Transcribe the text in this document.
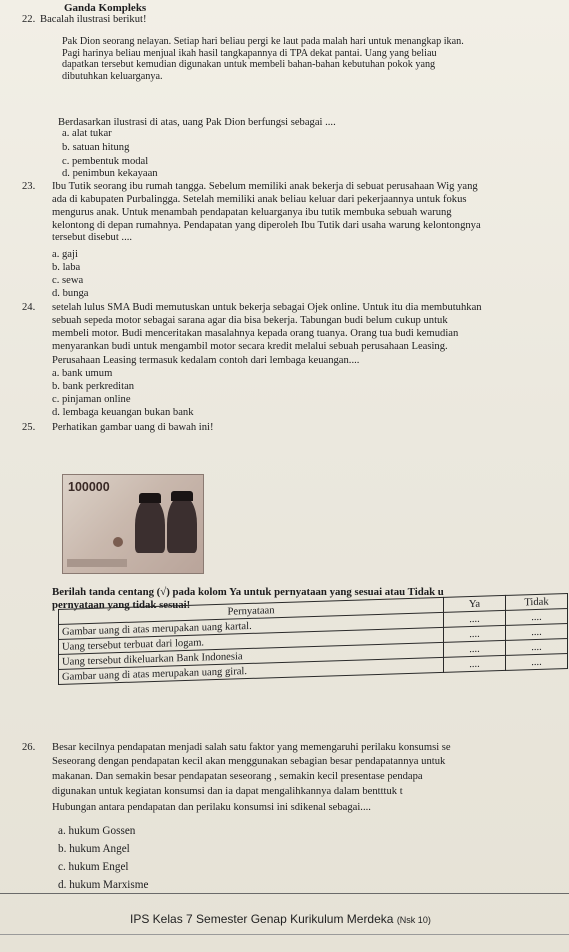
Ganda Kompleks
22. Bacalah ilustrasi berikut!
Pak Dion seorang nelayan. Setiap hari beliau pergi ke laut pada malah hari untuk menangkap ikan.
Pagi harinya beliau menjual ikah hasil tangkapannya di TPA dekat pantai. Uang yang beliau
dapatkan tersebut kemudian digunakan untuk membeli bahan-bahan kebutuhan pokok yang
dibutuhkan keluarganya.
Berdasarkan ilustrasi di atas, uang Pak Dion berfungsi sebagai ....
a. alat tukar
b. satuan hitung
c. pembentuk modal
d. penimbun kekayaan
23. Ibu Tutik seorang ibu rumah tangga. Sebelum memiliki anak bekerja di sebuat perusahaan Wig yang
ada di kabupaten Purbalingga. Setelah memiliki anak beliau keluar dari pekerjaannya untuk fokus
mengurus anak. Untuk menambah pendapatan keluarganya ibu tutik membuka sebuah warung
kelontong di depan rumahnya. Pendapatan yang diperoleh Ibu Tutik dari usaha warung kelontongnya
tersebut disebut ....
a. gaji
b. laba
c. sewa
d. bunga
24. setelah lulus SMA Budi memutuskan untuk bekerja sebagai Ojek online. Untuk itu dia membutuhkan
sebuah sepeda motor sebagai sarana agar dia bisa bekerja. Tabungan budi belum cukup untuk
membeli motor. Budi menceritakan masalahnya kepada orang tuanya. Orang tua budi kemudian
menyarankan budi untuk mengambil motor secara kredit melalui sebuah perusahaan Leasing.
Perusahaan Leasing termasuk kedalam contoh dari lembaga keuangan....
a. bank umum
b. bank perkreditan
c. pinjaman online
d. lembaga keuangan bukan bank
25. Perhatikan gambar uang di bawah ini!
100000
Berilah tanda centang (√) pada kolom Ya untuk pernyataan yang sesuai atau Tidak u
pernyataan yang tidak sesuai!	Pernyataan	Ya	Tidak
Gambar uang di atas merupakan uang kartal.	....	....
Uang tersebut terbuat dari logam.	....	....
Uang tersebut dikeluarkan Bank Indonesia	....	....
Gambar uang di atas merupakan uang giral.	....	....
26. Besar kecilnya pendapatan menjadi salah satu faktor yang memengaruhi perilaku konsumsi se
Seseorang dengan pendapatan kecil akan menggunakan sebagian besar pendapatannya untuk
makanan. Dan semakin besar pendapatan seseorang , semakin kecil presentase pendapa
digunakan untuk kegiatan konsumsi dan ia dapat mengalihkannya dalam bentttuk t
Hubungan antara pendapatan dan perilaku konsumsi ini sdikenal sebagai....
a. hukum Gossen
b. hukum Angel
c. hukum Engel
d. hukum Marxisme
IPS Kelas 7 Semester Genap Kurikulum Merdeka (Nsk 10)
